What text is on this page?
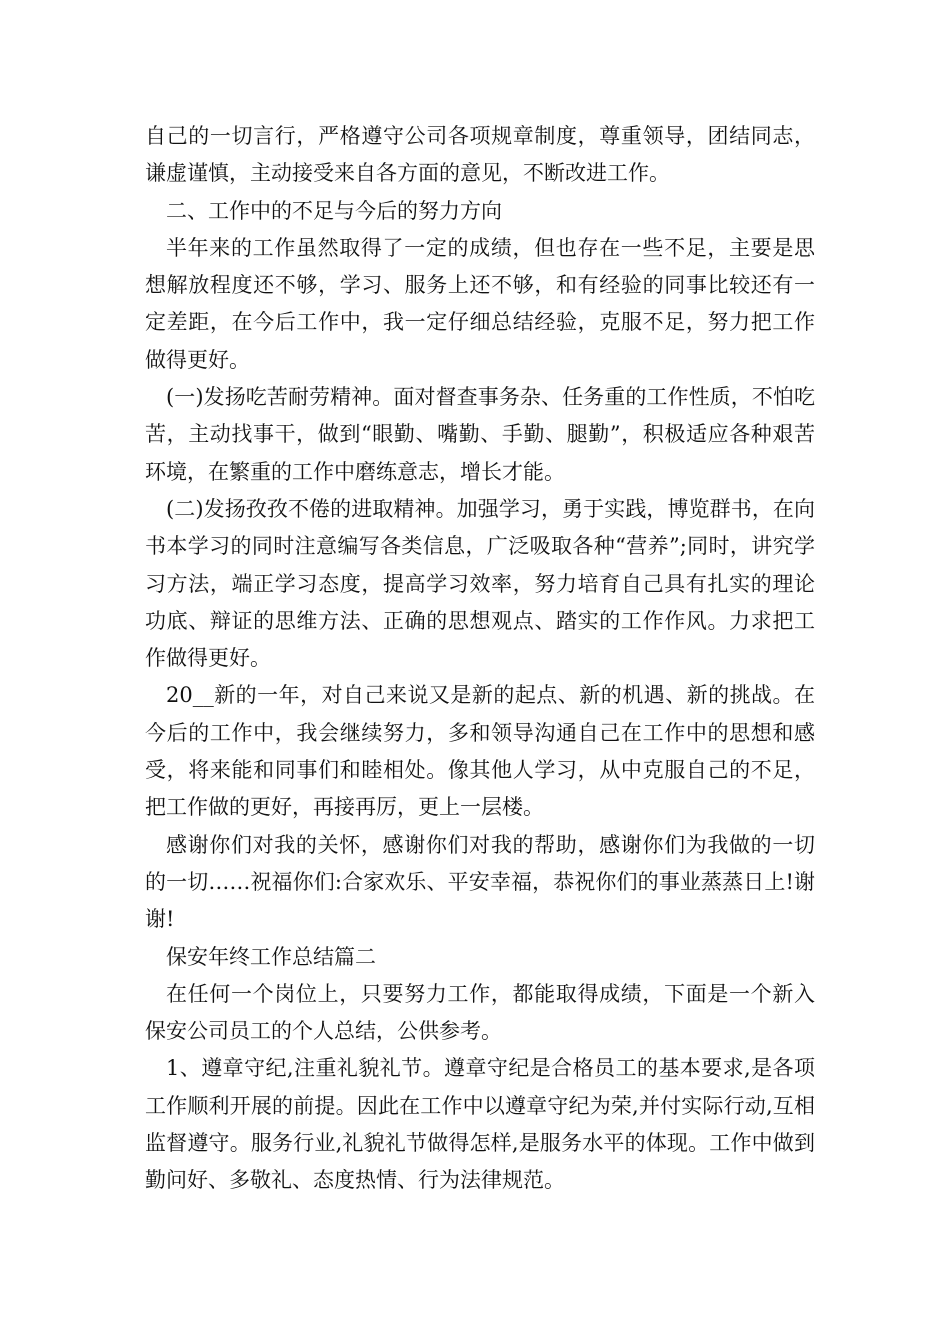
自己的一切言行，严格遵守公司各项规章制度，尊重领导，团结同志，谦虚谨慎，主动接受来自各方面的意见，不断改进工作。

二、工作中的不足与今后的努力方向

半年来的工作虽然取得了一定的成绩，但也存在一些不足，主要是思想解放程度还不够，学习、服务上还不够，和有经验的同事比较还有一定差距，在今后工作中，我一定仔细总结经验，克服不足，努力把工作做得更好。

(一)发扬吃苦耐劳精神。面对督查事务杂、任务重的工作性质，不怕吃苦，主动找事干，做到“眼勤、嘴勤、手勤、腿勤”，积极适应各种艰苦环境，在繁重的工作中磨练意志，增长才能。

(二)发扬孜孜不倦的进取精神。加强学习，勇于实践，博览群书，在向书本学习的同时注意编写各类信息，广泛吸取各种“营养”;同时，讲究学习方法，端正学习态度，提高学习效率，努力培育自己具有扎实的理论功底、辩证的思维方法、正确的思想观点、踏实的工作作风。力求把工作做得更好。

20__新的一年，对自己来说又是新的起点、新的机遇、新的挑战。在今后的工作中，我会继续努力，多和领导沟通自己在工作中的思想和感受，将来能和同事们和睦相处。像其他人学习，从中克服自己的不足，把工作做的更好，再接再厉，更上一层楼。

感谢你们对我的关怀，感谢你们对我的帮助，感谢你们为我做的一切的一切……祝福你们:合家欢乐、平安幸福，恭祝你们的事业蒸蒸日上!谢谢!

保安年终工作总结篇二

在任何一个岗位上，只要努力工作，都能取得成绩，下面是一个新入保安公司员工的个人总结，公供参考。

1、遵章守纪,注重礼貌礼节。遵章守纪是合格员工的基本要求,是各项工作顺利开展的前提。因此在工作中以遵章守纪为荣,并付实际行动,互相监督遵守。服务行业,礼貌礼节做得怎样,是服务水平的体现。工作中做到勤问好、多敬礼、态度热情、行为法律规范。
